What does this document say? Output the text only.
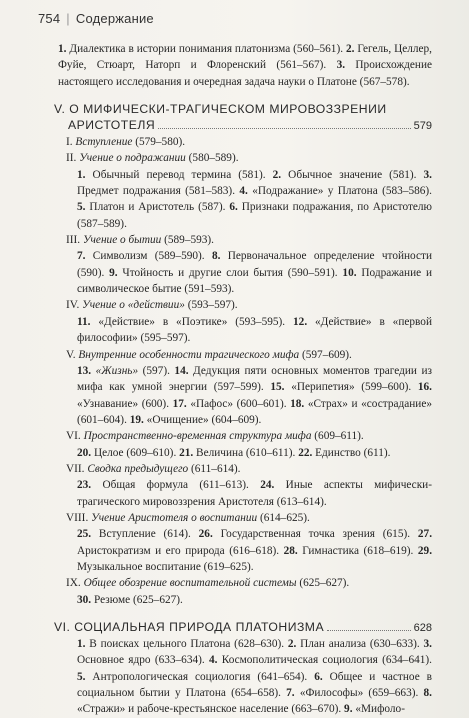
754 | Содержание
1. Диалектика в истории понимания платонизма (560–561). 2. Гегель, Целлер, Фуйе, Стюарт, Наторп и Флоренский (561–567). 3. Происхождение настоящего исследования и очередная задача науки о Платоне (567–578).
V. О МИФИЧЕСКИ-ТРАГИЧЕСКОМ МИРОВОЗЗРЕНИИ
АРИСТОТЕЛЯ	579
I. Вступление (579–580).
II. Учение о подражании (580–589).
1. Обычный перевод термина (581). 2. Обычное значение (581). 3. Предмет подражания (581–583). 4. «Подражание» у Платона (583–586). 5. Платон и Аристотель (587). 6. Признаки подражания, по Аристотелю (587–589).
III. Учение о бытии (589–593).
7. Символизм (589–590). 8. Первоначальное определение чтойности (590). 9. Чтойность и другие слои бытия (590–591). 10. Подражание и символическое бытие (591–593).
IV. Учение о «действии» (593–597).
11. «Действие» в «Поэтике» (593–595). 12. «Действие» в «первой философии» (595–597).
V. Внутренние особенности трагического мифа (597–609).
13. «Жизнь» (597). 14. Дедукция пяти основных моментов трагедии из мифа как умной энергии (597–599). 15. «Перипетия» (599–600). 16. «Узнавание» (600). 17. «Пафос» (600–601). 18. «Страх» и «сострадание» (601–604). 19. «Очищение» (604–609).
VI. Пространственно-временная структура мифа (609–611).
20. Целое (609–610). 21. Величина (610–611). 22. Единство (611).
VII. Сводка предыдущего (611–614).
23. Общая формула (611–613). 24. Иные аспекты мифически-трагического мировоззрения Аристотеля (613–614).
VIII. Учение Аристотеля о воспитании (614–625).
25. Вступление (614). 26. Государственная точка зрения (615). 27. Аристократизм и его природа (616–618). 28. Гимнастика (618–619). 29. Музыкальное воспитание (619–625).
IX. Общее обозрение воспитательной системы (625–627).
30. Резюме (625–627).
VI. СОЦИАЛЬНАЯ ПРИРОДА ПЛАТОНИЗМА	628
1. В поисках цельного Платона (628–630). 2. План анализа (630–633). 3. Основное ядро (633–634). 4. Космополитическая социология (634–641). 5. Антропологическая социология (641–654). 6. Общее и частное в социальном бытии у Платона (654–658). 7. «Философы» (659–663). 8. «Стражи» и рабоче-крестьянское население (663–670). 9. «Мифоло-
